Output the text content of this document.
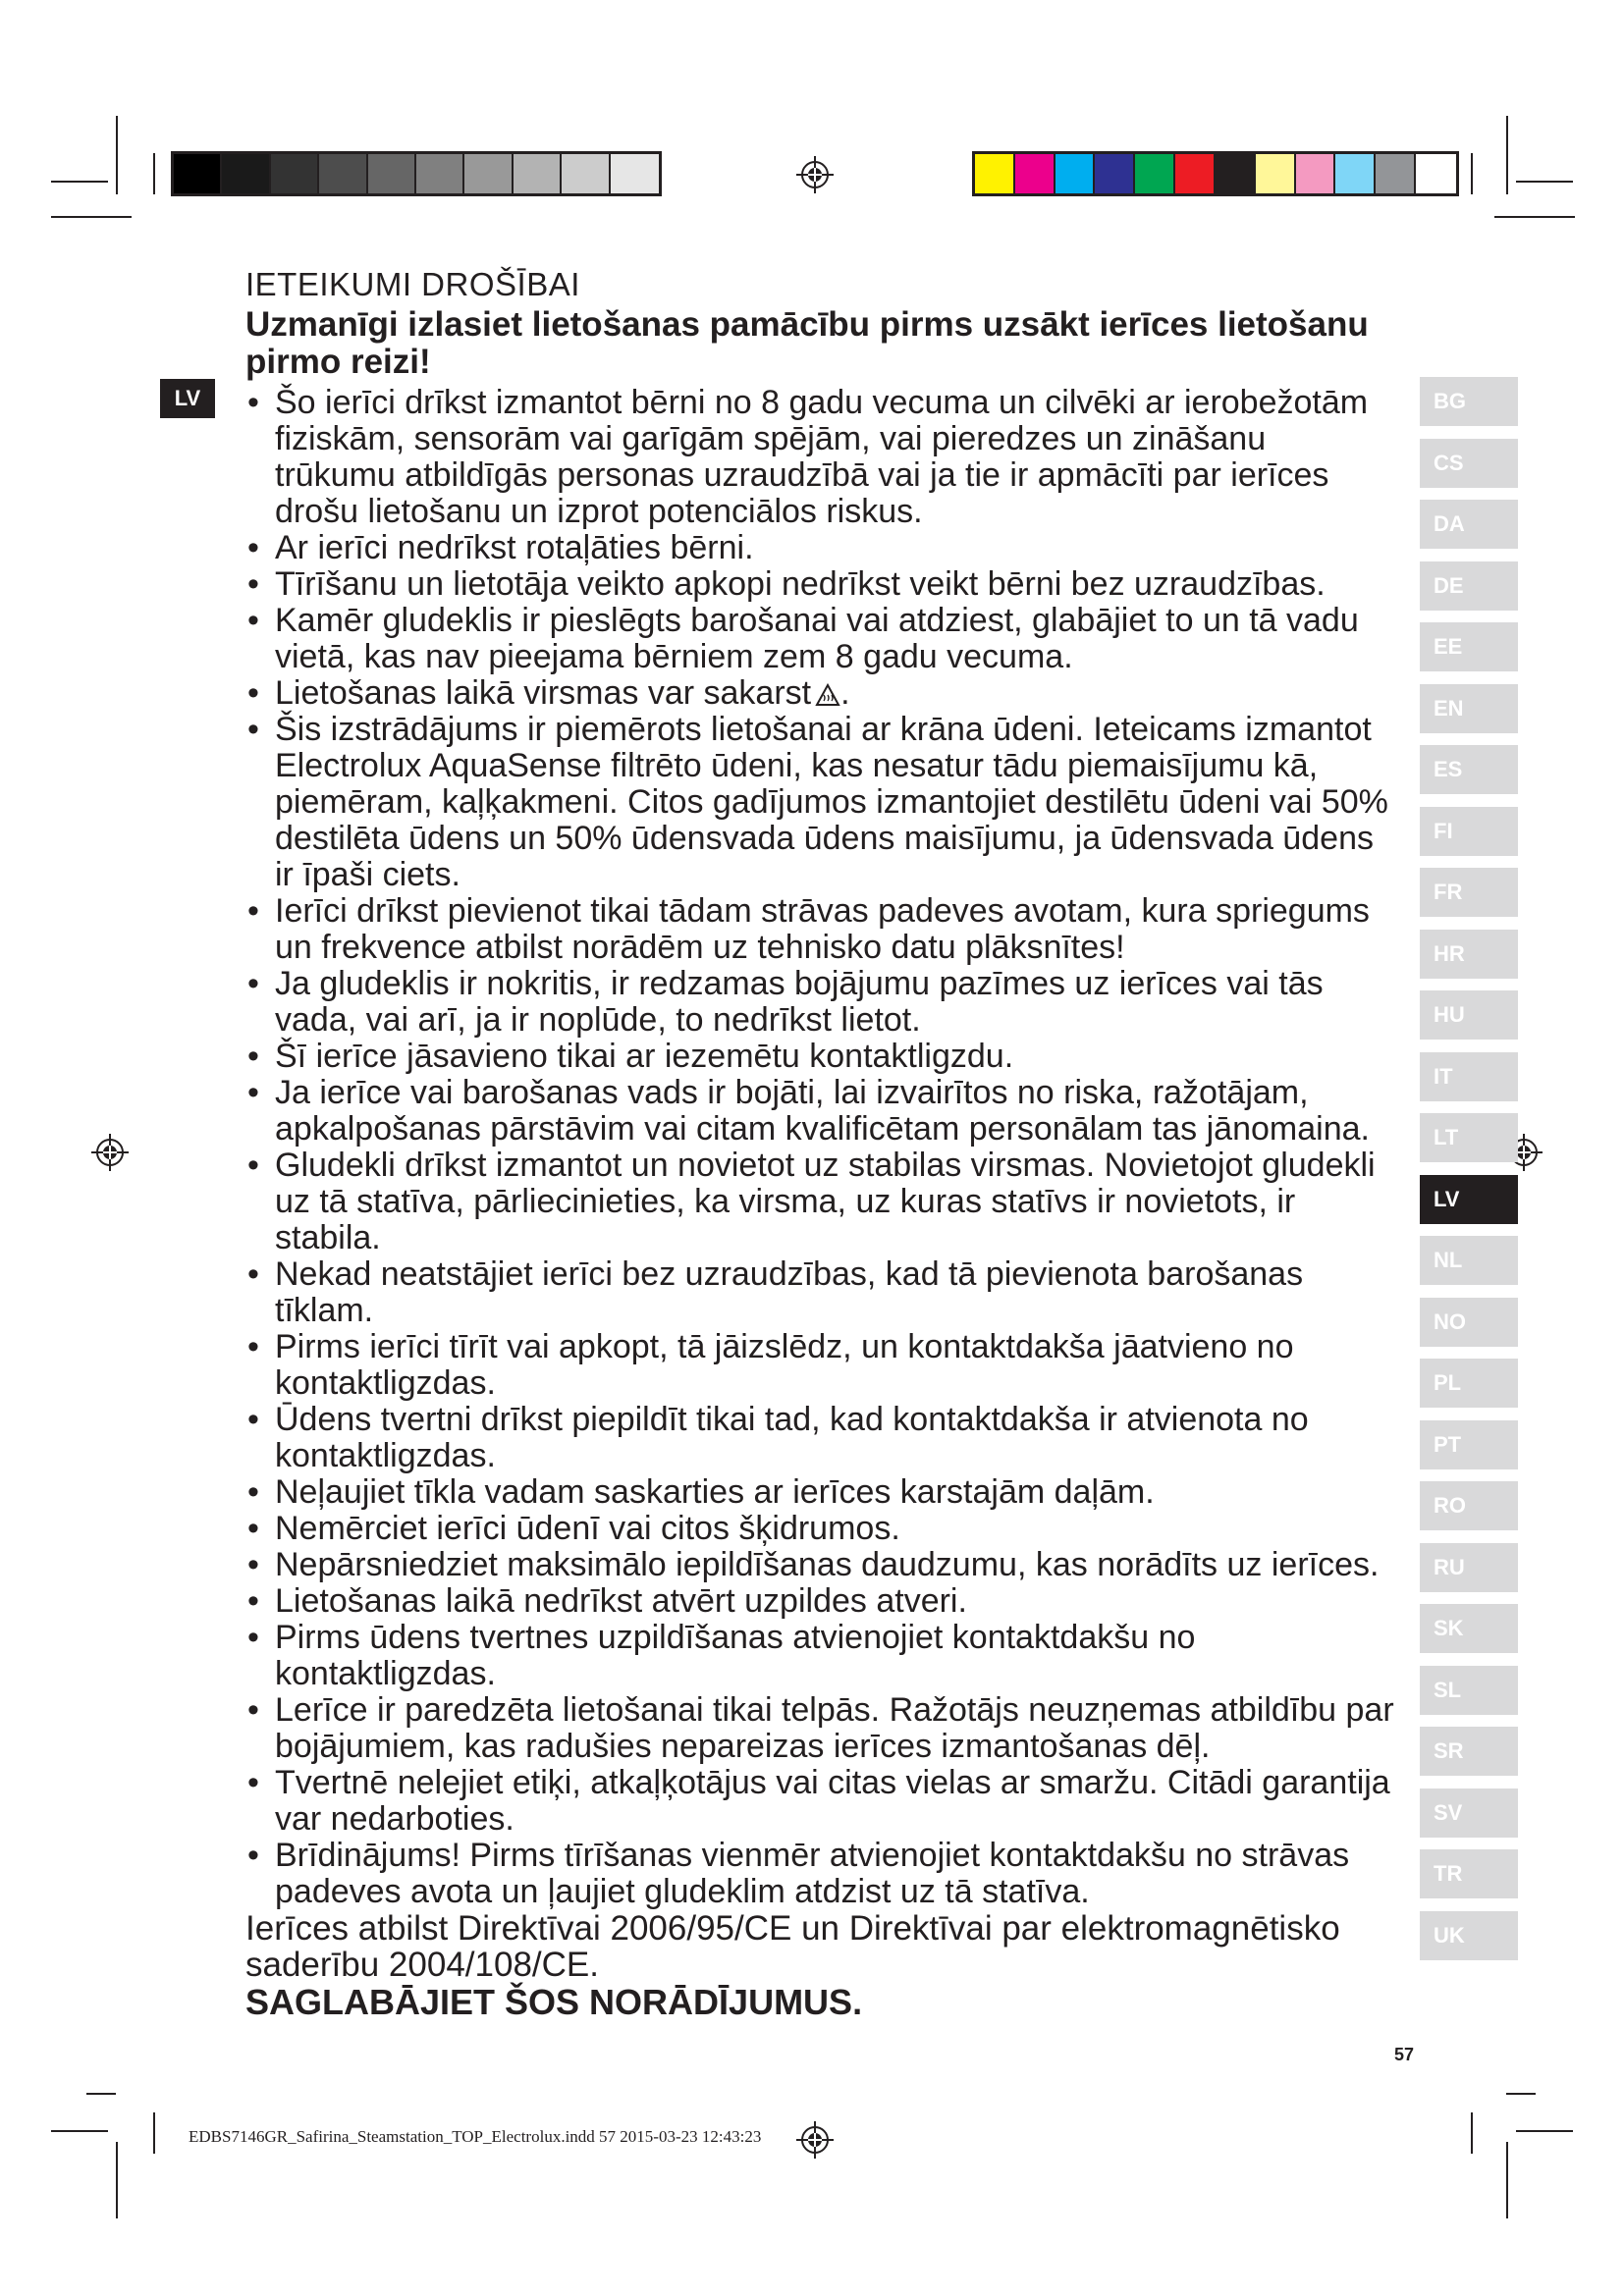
LV
IETEIKUMI DROŠĪBAI
Uzmanīgi izlasiet lietošanas pamācību pirms uzsākt ierīces lietošanu pirmo reizi!
• Šo ierīci drīkst izmantot bērni no 8 gadu vecuma un cilvēki ar ierobežotām fiziskām, sensorām vai garīgām spējām, vai pieredzes un zināšanu trūkumu atbildīgās personas uzraudzībā vai ja tie ir apmācīti par ierīces drošu lietošanu un izprot potenciālos riskus.
• Ar ierīci nedrīkst rotaļāties bērni.
• Tīrīšanu un lietotāja veikto apkopi nedrīkst veikt bērni bez uzraudzības.
• Kamēr gludeklis ir pieslēgts barošanai vai atdziest, glabājiet to un tā vadu vietā, kas nav pieejama bērniem zem 8 gadu vecuma.
• Lietošanas laikā virsmas var sakarst .
• Šis izstrādājums ir piemērots lietošanai ar krāna ūdeni. Ieteicams izmantot Electrolux AquaSense filtrēto ūdeni, kas nesatur tādu piemaisījumu kā, piemēram, kaļķakmeni. Citos gadījumos izmantojiet destilētu ūdeni vai 50% destilēta ūdens un 50% ūdensvada ūdens maisījumu, ja ūdensvada ūdens ir īpaši ciets.
• Ierīci drīkst pievienot tikai tādam strāvas padeves avotam, kura spriegums un frekvence atbilst norādēm uz tehnisko datu plāksnītes!
• Ja gludeklis ir nokritis, ir redzamas bojājumu pazīmes uz ierīces vai tās vada, vai arī, ja ir noplūde, to nedrīkst lietot.
• Šī ierīce jāsavieno tikai ar iezemētu kontaktligzdu.
• Ja ierīce vai barošanas vads ir bojāti, lai izvairītos no riska, ražotājam, apkalpošanas pārstāvim vai citam kvalificētam personālam tas jānomaina.
• Gludekli drīkst izmantot un novietot uz stabilas virsmas. Novietojot gludekli uz tā statīva, pārliecinieties, ka virsma, uz kuras statīvs ir novietots, ir stabila.
• Nekad neatstājiet ierīci bez uzraudzības, kad tā pievienota barošanas tīklam.
• Pirms ierīci tīrīt vai apkopt, tā jāizslēdz, un kontaktdakša jāatvieno no kontaktligzdas.
• Ūdens tvertni drīkst piepildīt tikai tad, kad kontaktdakša ir atvienota no kontaktligzdas.
• Neļaujiet tīkla vadam saskarties ar ierīces karstajām daļām.
• Nemērciet ierīci ūdenī vai citos šķidrumos.
• Nepārsniedziet maksimālo iepildīšanas daudzumu, kas norādīts uz ierīces.
• Lietošanas laikā nedrīkst atvērt uzpildes atveri.
• Pirms ūdens tvertnes uzpildīšanas atvienojiet kontaktdakšu no kontaktligzdas.
• Lerīce ir paredzēta lietošanai tikai telpās. Ražotājs neuzņemas atbildību par bojājumiem, kas radušies nepareizas ierīces izmantošanas dēļ.
• Tvertnē nelejiet etiķi, atkaļķotājus vai citas vielas ar smaržu. Citādi garantija var nedarboties.
• Brīdinājums! Pirms tīrīšanas vienmēr atvienojiet kontaktdakšu no strāvas padeves avota un ļaujiet gludeklim atdzist uz tā statīva.
Ierīces atbilst Direktīvai 2006/95/CE un Direktīvai par elektromagnētisko saderību 2004/108/CE.
SAGLABĀJIET ŠOS NORĀDĪJUMUS.
BG
CS
DA
DE
EE
EN
ES
FI
FR
HR
HU
IT
LT
LV
NL
NO
PL
PT
RO
RU
SK
SL
SR
SV
TR
UK
57
EDBS7146GR_Safirina_Steamstation_TOP_Electrolux.indd 57 2015-03-23 12:43:23
